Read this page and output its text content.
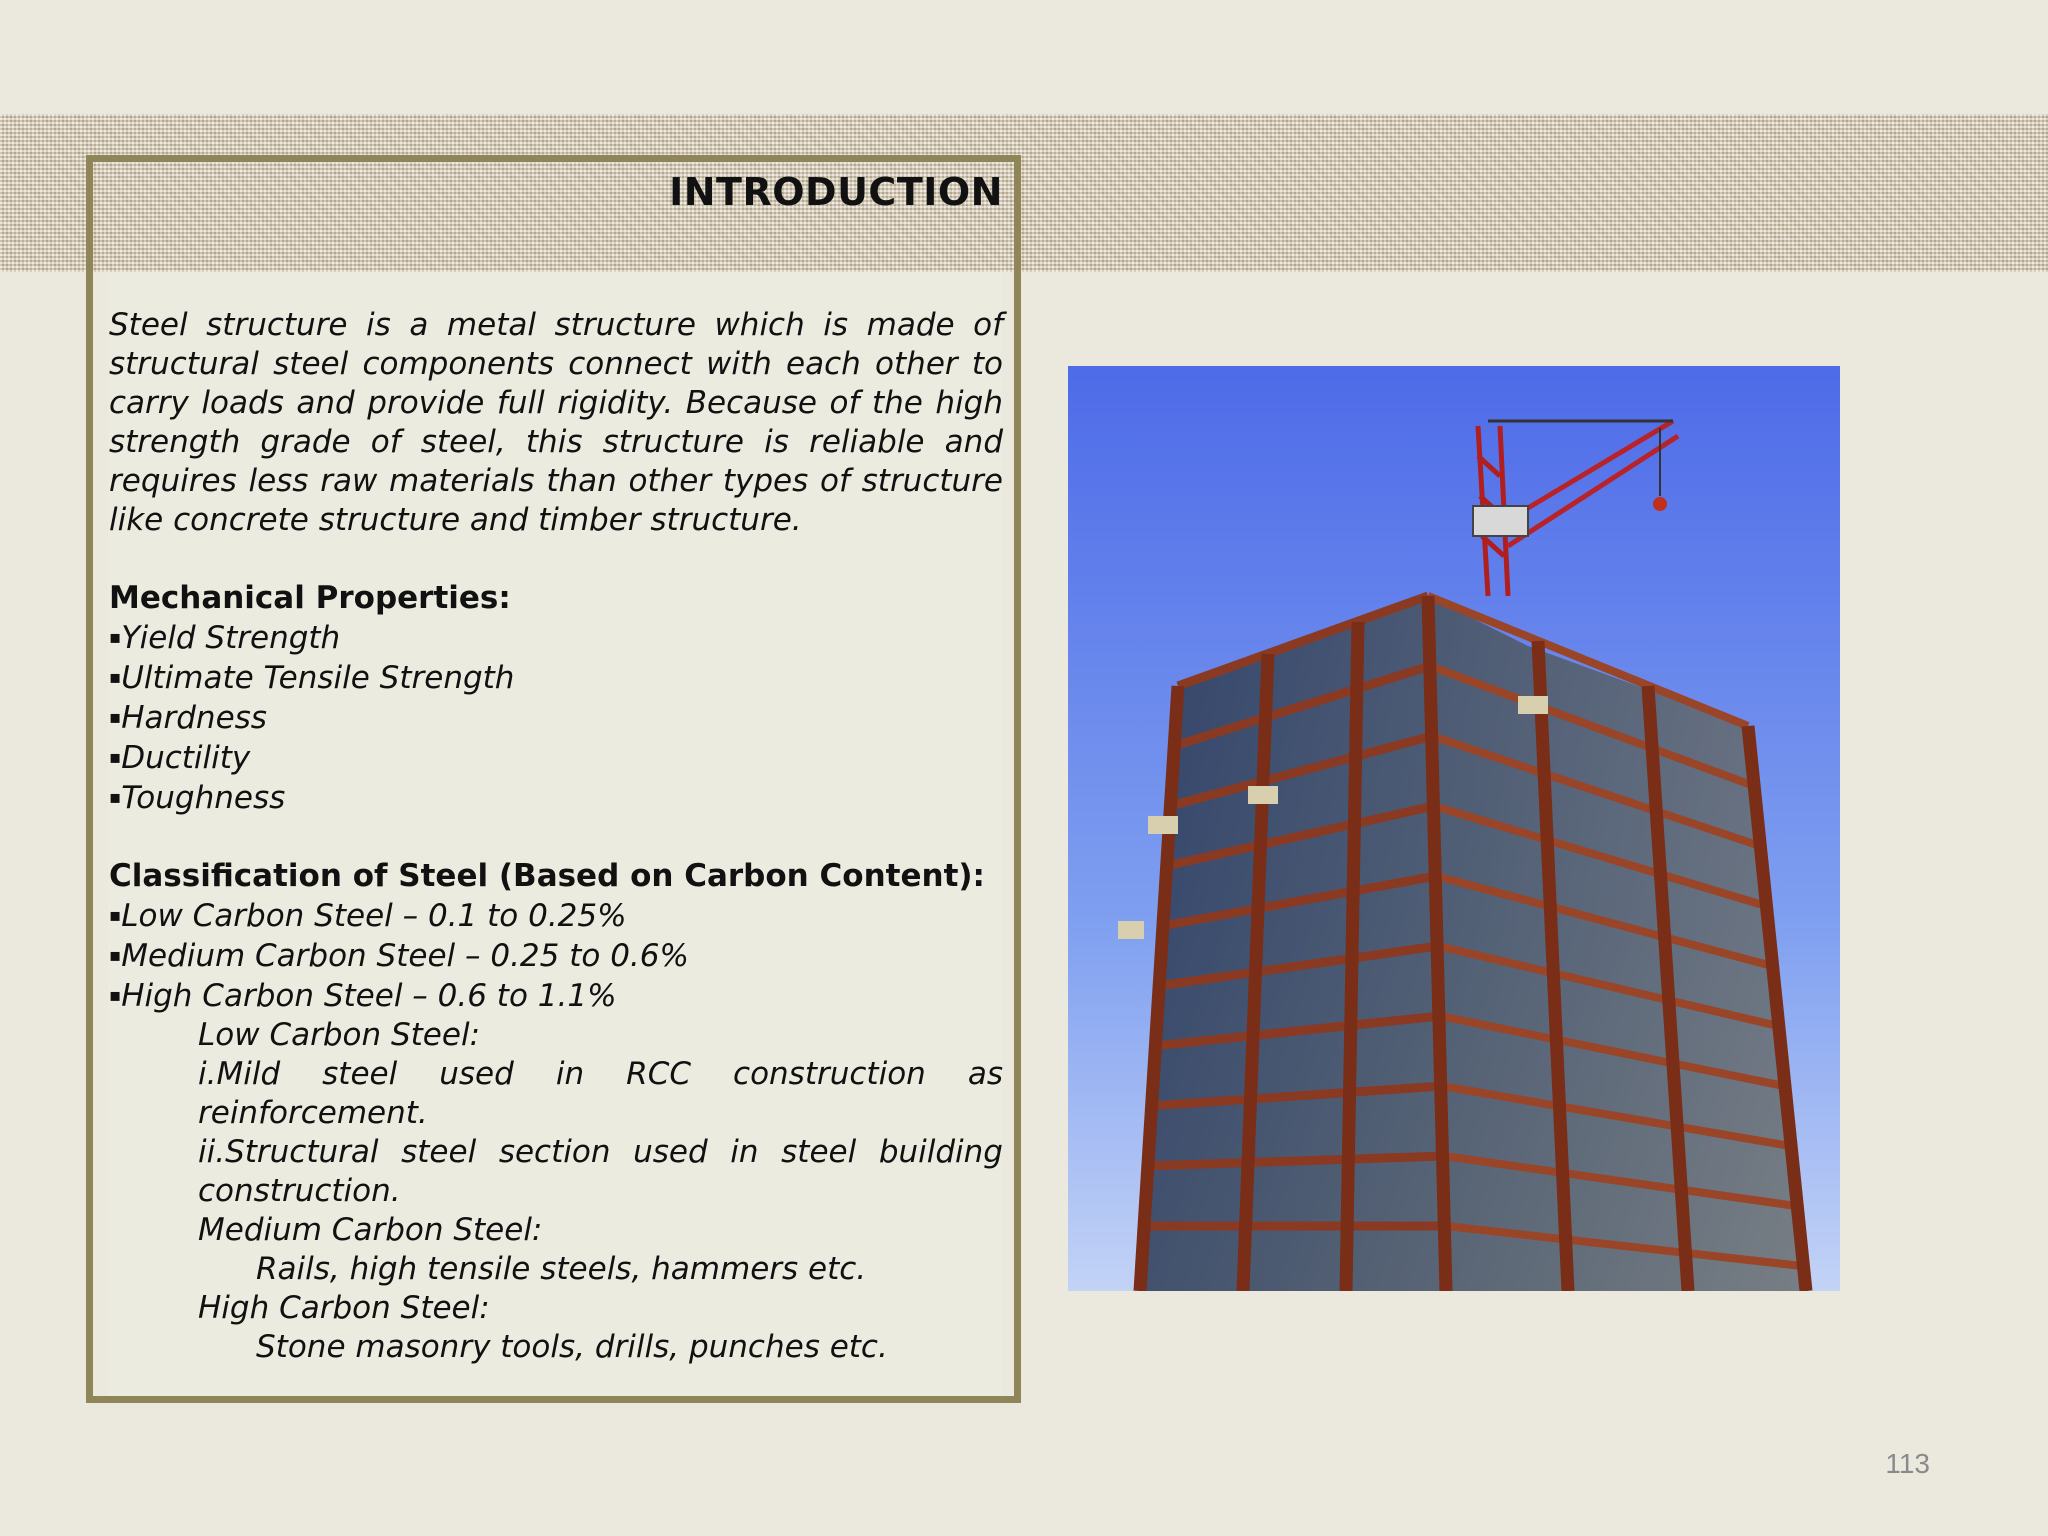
INTRODUCTION

Steel structure is a metal structure which is made of structural steel components connect with each other to carry loads and provide full rigidity. Because of the high strength grade of steel, this structure is reliable and requires less raw materials than other types of structure like concrete structure and timber structure.

Mechanical Properties:

▪Yield Strength

▪Ultimate Tensile Strength

▪Hardness

▪Ductility

▪Toughness

Classification of Steel (Based on Carbon Content):

▪Low Carbon Steel – 0.1 to 0.25%

▪Medium Carbon Steel – 0.25 to 0.6%

▪High Carbon Steel – 0.6 to 1.1%

Low Carbon Steel:

i.Mild steel used in RCC construction as

reinforcement.

ii.Structural steel section used in steel building

construction.

Medium Carbon Steel:

Rails, high tensile steels, hammers etc.

High Carbon Steel:

Stone masonry tools, drills, punches etc.

113
